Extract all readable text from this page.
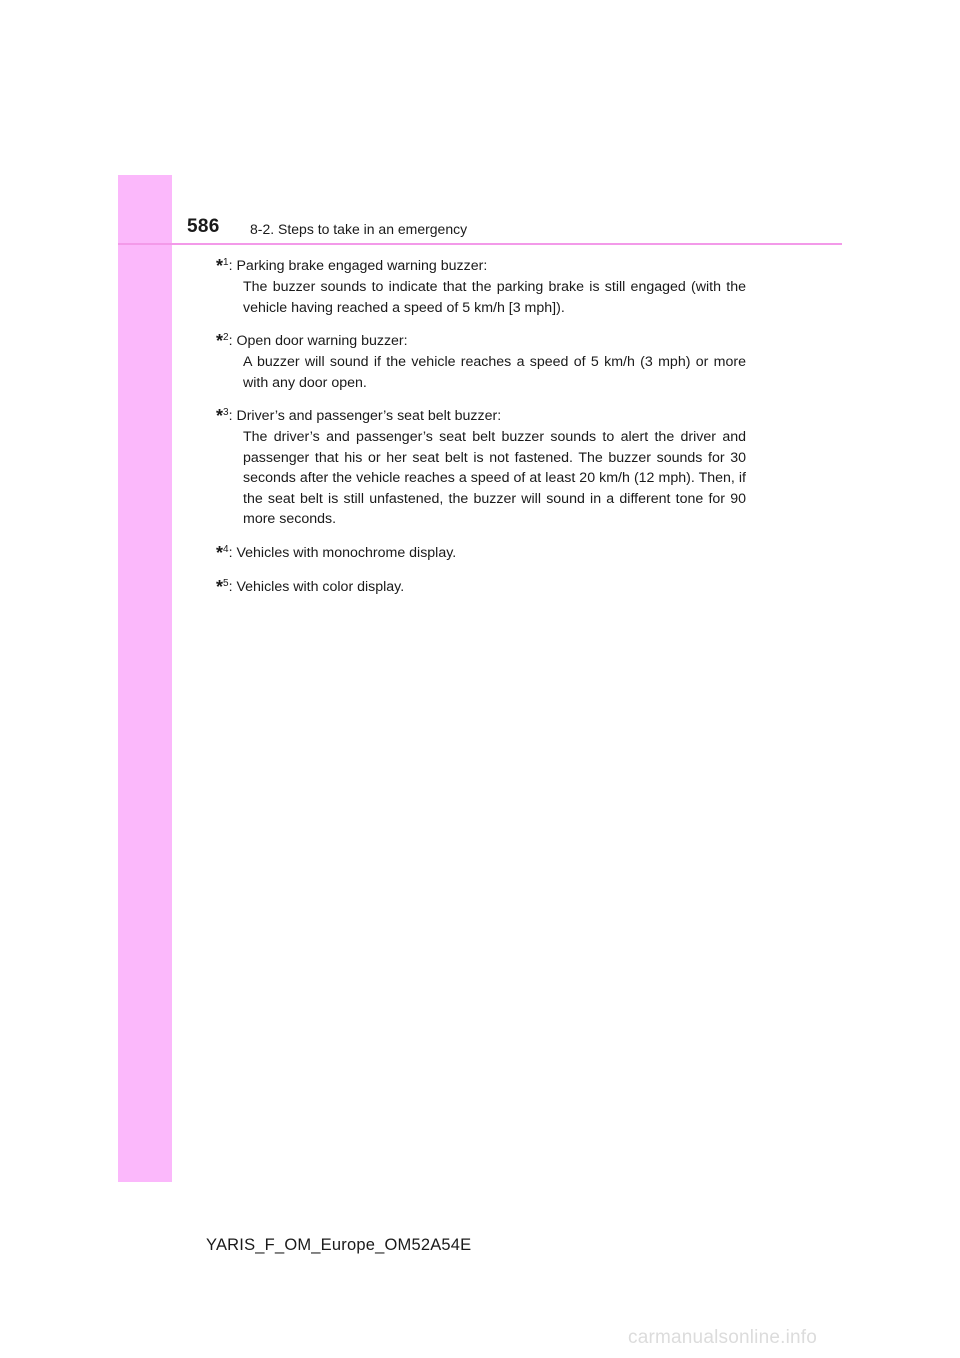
586 8-2. Steps to take in an emergency
*$^1$: Parking brake engaged warning buzzer:
The buzzer sounds to indicate that the parking brake is still engaged (with the vehicle having reached a speed of 5 km/h [3 mph]).
*$^2$: Open door warning buzzer:
A buzzer will sound if the vehicle reaches a speed of 5 km/h (3 mph) or more with any door open.
*$^3$: Driver’s and passenger’s seat belt buzzer:
The driver’s and passenger’s seat belt buzzer sounds to alert the driver and passenger that his or her seat belt is not fastened. The buzzer sounds for 30 seconds after the vehicle reaches a speed of at least 20 km/h (12 mph). Then, if the seat belt is still unfastened, the buzzer will sound in a different tone for 90 more seconds.
*$^4$: Vehicles with monochrome display.
*$^5$: Vehicles with color display.
YARIS_F_OM_Europe_OM52A54E
carmanualsonline.info
